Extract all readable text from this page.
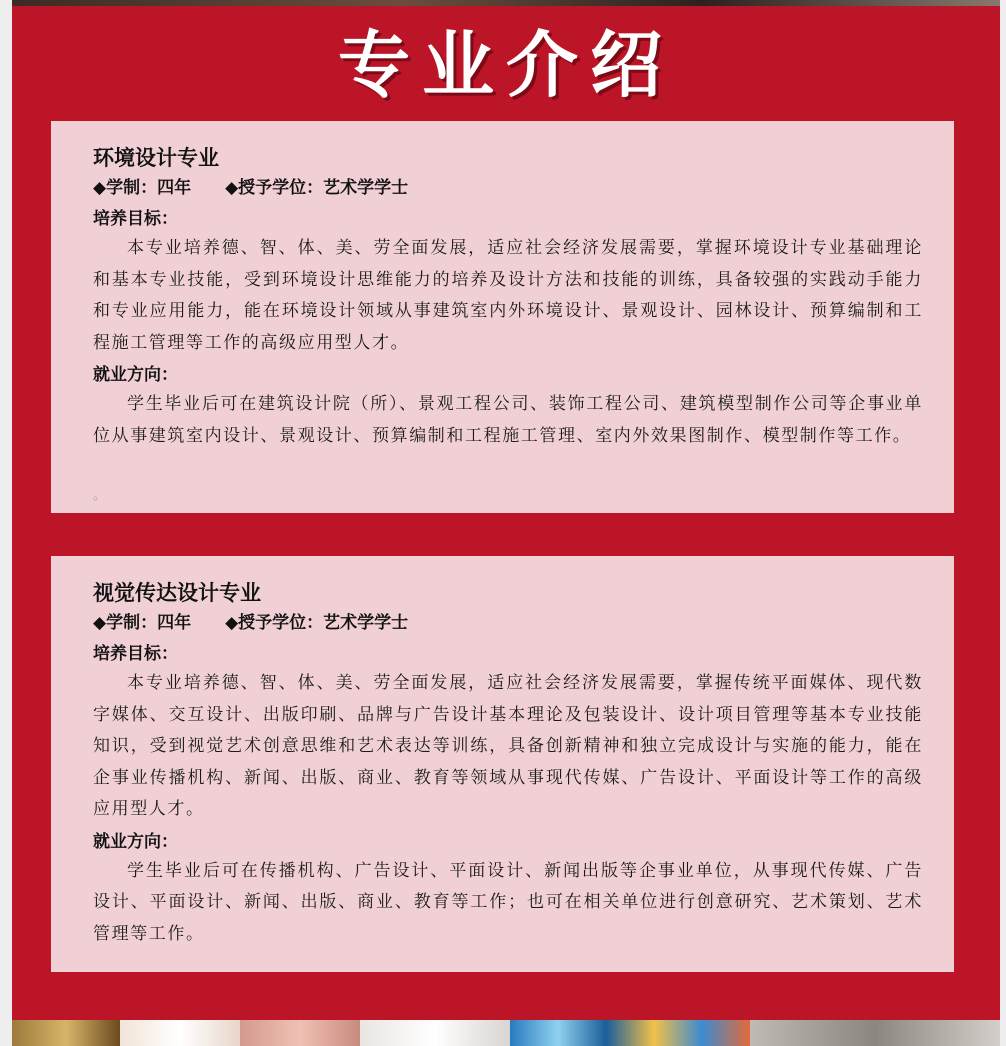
专业介绍
环境设计专业
◆学制：四年 ◆授予学位：艺术学学士
培养目标：

本专业培养德、智、体、美、劳全面发展，适应社会经济发展需要，掌握环境设计专业基础理论和基本专业技能，受到环境设计思维能力的培养及设计方法和技能的训练，具备较强的实践动手能力和专业应用能力，能在环境设计领域从事建筑室内外环境设计、景观设计、园林设计、预算编制和工程施工管理等工作的高级应用型人才。

就业方向：

学生毕业后可在建筑设计院（所）、景观工程公司、装饰工程公司、建筑模型制作公司等企事业单位从事建筑室内设计、景观设计、预算编制和工程施工管理、室内外效果图制作、模型制作等工作。

。
视觉传达设计专业
◆学制：四年 ◆授予学位：艺术学学士
培养目标：

本专业培养德、智、体、美、劳全面发展，适应社会经济发展需要，掌握传统平面媒体、现代数字媒体、交互设计、出版印刷、品牌与广告设计基本理论及包装设计、设计项目管理等基本专业技能知识，受到视觉艺术创意思维和艺术表达等训练，具备创新精神和独立完成设计与实施的能力，能在企事业传播机构、新闻、出版、商业、教育等领域从事现代传媒、广告设计、平面设计等工作的高级应用型人才。

就业方向：

学生毕业后可在传播机构、广告设计、平面设计、新闻出版等企事业单位，从事现代传媒、广告设计、平面设计、新闻、出版、商业、教育等工作；也可在相关单位进行创意研究、艺术策划、艺术管理等工作。
